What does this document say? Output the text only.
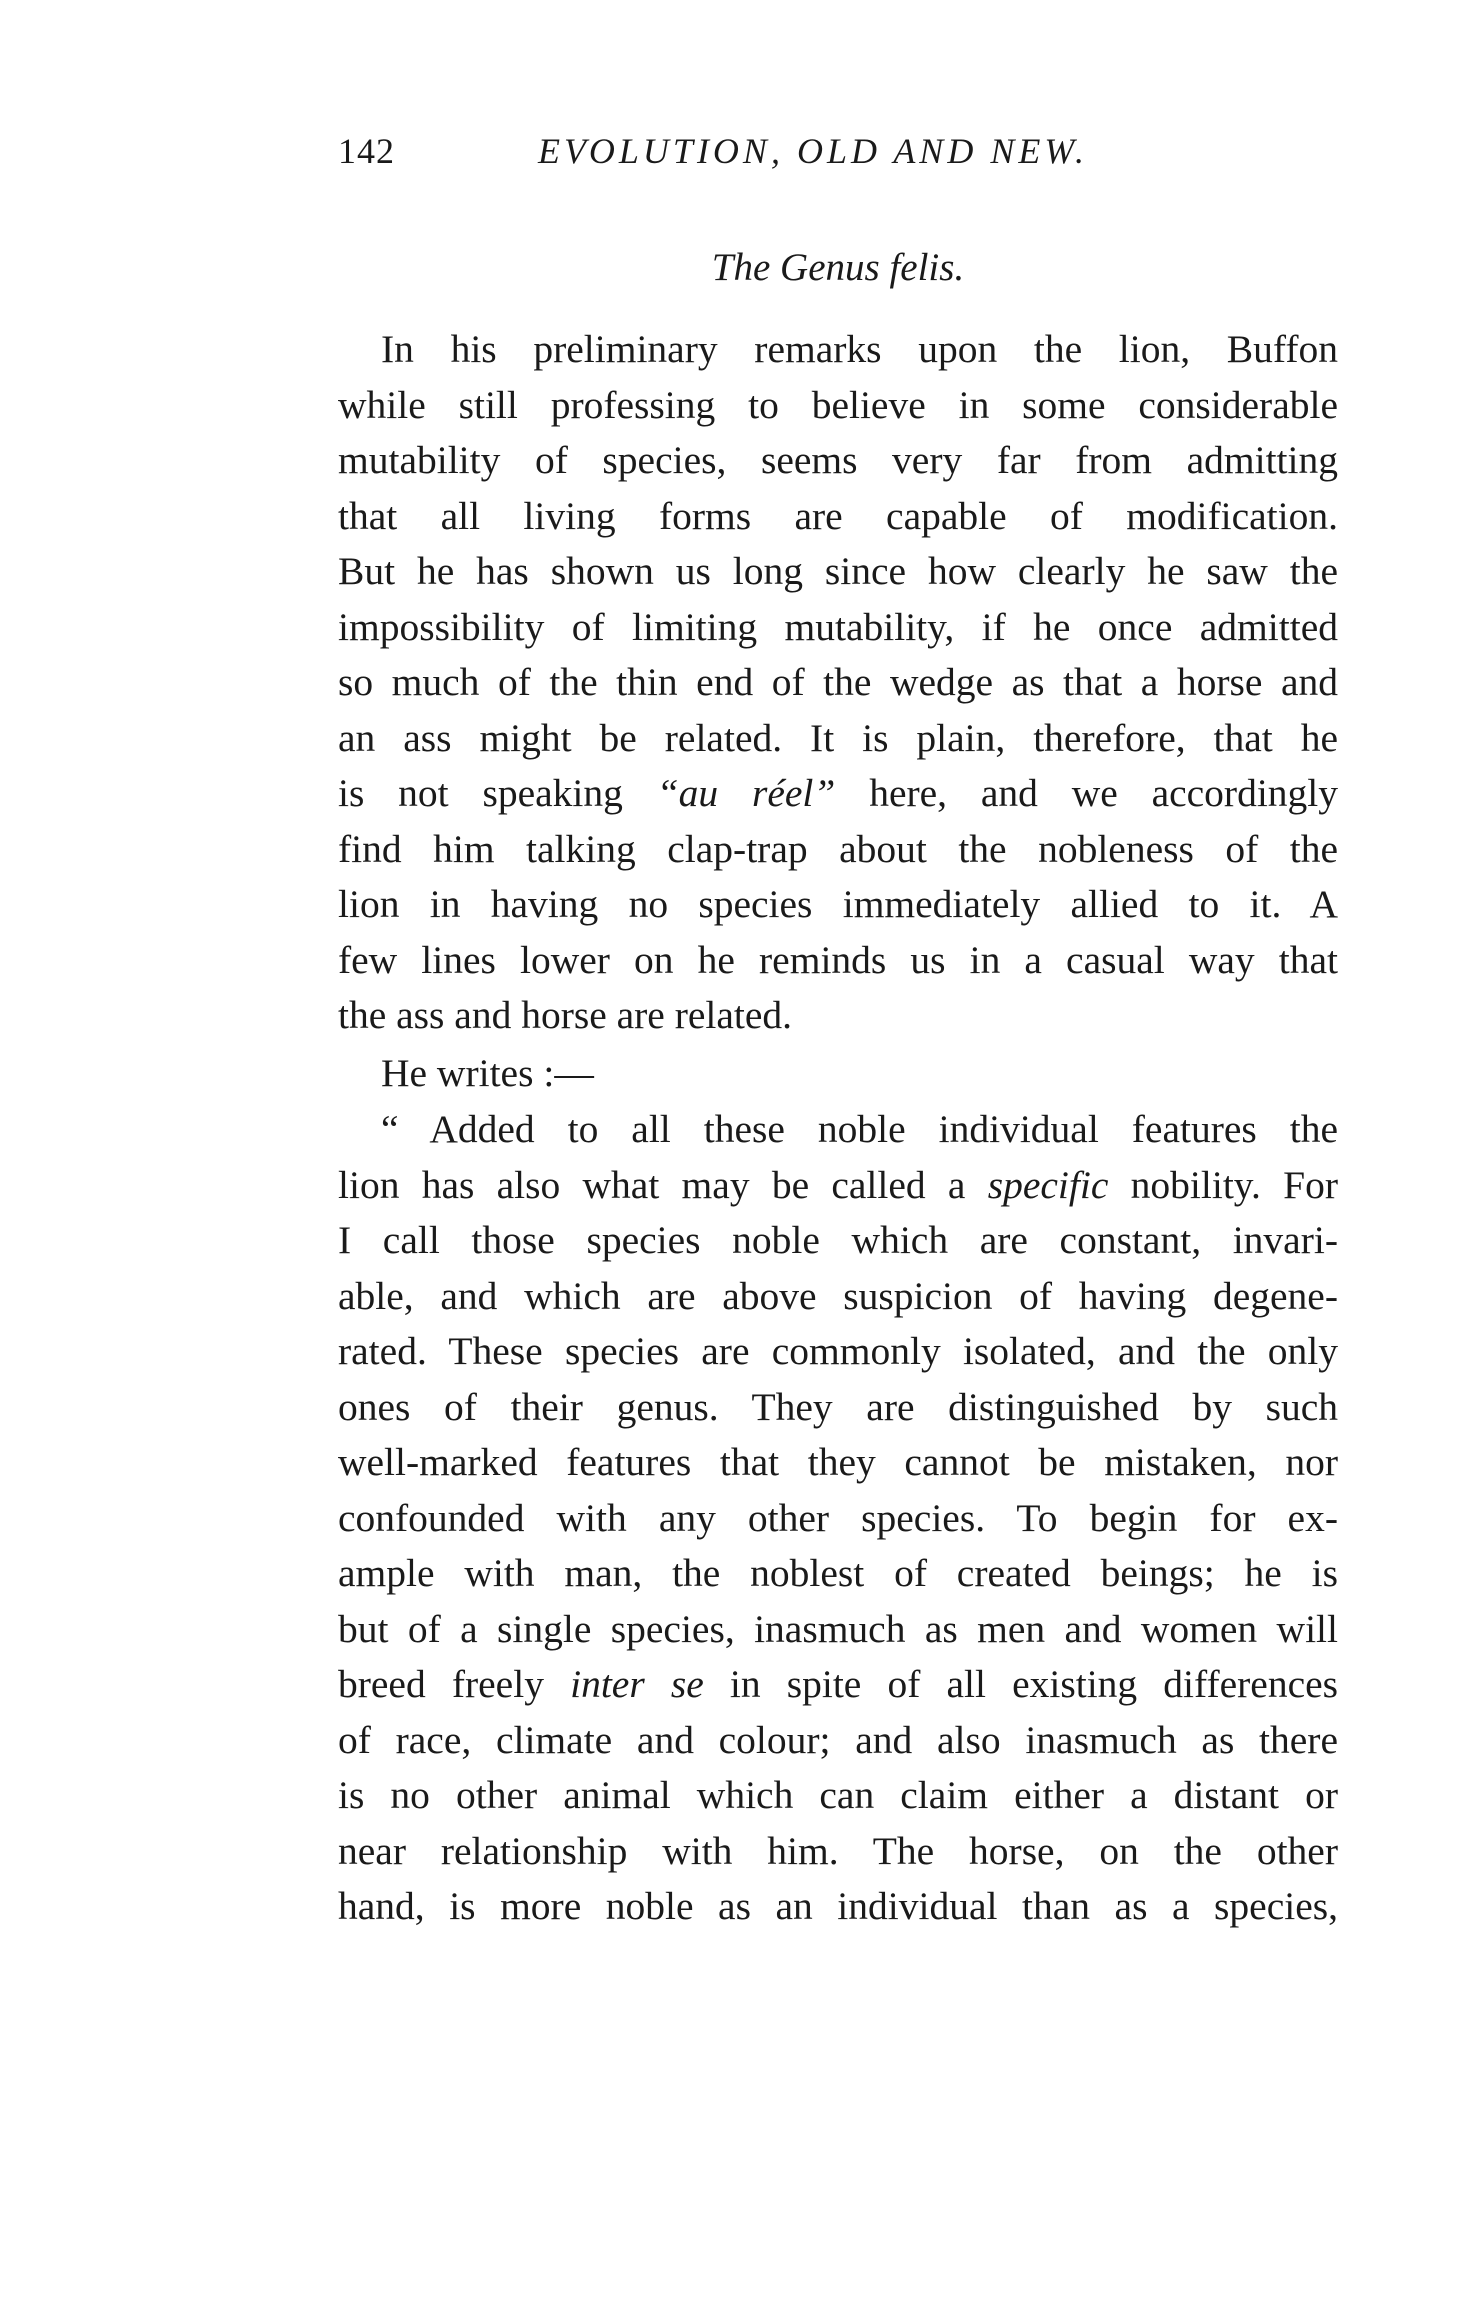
142	EVOLUTION, OLD AND NEW.
The Genus felis.
In his preliminary remarks upon the lion, Buffon
while still professing to believe in some considerable
mutability of species, seems very far from admitting
that all living forms are capable of modification.
But he has shown us long since how clearly he saw the
impossibility of limiting mutability, if he once admitted
so much of the thin end of the wedge as that a horse and
an ass might be related. It is plain, therefore, that he
is not speaking “au réel” here, and we accordingly
find him talking clap-trap about the nobleness of the
lion in having no species immediately allied to it. A
few lines lower on he reminds us in a casual way that
the ass and horse are related.
He writes :—
“ Added to all these noble individual features the
lion has also what may be called a specific nobility. For
I call those species noble which are constant, invari-
able, and which are above suspicion of having degene-
rated. These species are commonly isolated, and the only
ones of their genus. They are distinguished by such
well-marked features that they cannot be mistaken, nor
confounded with any other species. To begin for ex-
ample with man, the noblest of created beings; he is
but of a single species, inasmuch as men and women will
breed freely inter se in spite of all existing differences
of race, climate and colour; and also inasmuch as there
is no other animal which can claim either a distant or
near relationship with him. The horse, on the other
hand, is more noble as an individual than as a species,
